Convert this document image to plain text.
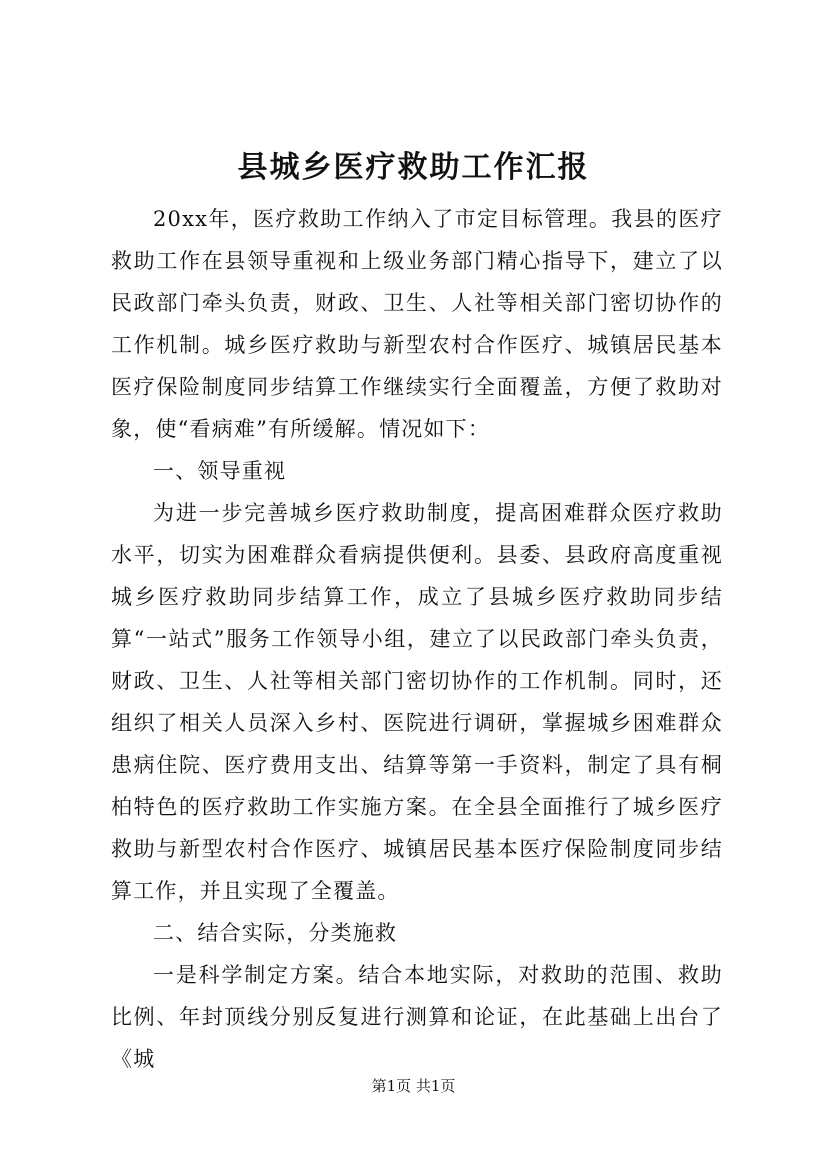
县城乡医疗救助工作汇报

20xx年，医疗救助工作纳入了市定目标管理。我县的医疗救助工作在县领导重视和上级业务部门精心指导下，建立了以民政部门牵头负责，财政、卫生、人社等相关部门密切协作的工作机制。城乡医疗救助与新型农村合作医疗、城镇居民基本医疗保险制度同步结算工作继续实行全面覆盖，方便了救助对象，使“看病难”有所缓解。情况如下：

一、领导重视

为进一步完善城乡医疗救助制度，提高困难群众医疗救助水平，切实为困难群众看病提供便利。县委、县政府高度重视城乡医疗救助同步结算工作，成立了县城乡医疗救助同步结算“一站式”服务工作领导小组，建立了以民政部门牵头负责，财政、卫生、人社等相关部门密切协作的工作机制。同时，还组织了相关人员深入乡村、医院进行调研，掌握城乡困难群众患病住院、医疗费用支出、结算等第一手资料，制定了具有桐柏特色的医疗救助工作实施方案。在全县全面推行了城乡医疗救助与新型农村合作医疗、城镇居民基本医疗保险制度同步结算工作，并且实现了全覆盖。

二、结合实际，分类施救

一是科学制定方案。结合本地实际，对救助的范围、救助比例、年封顶线分别反复进行测算和论证，在此基础上出台了《城

第1页 共1页
